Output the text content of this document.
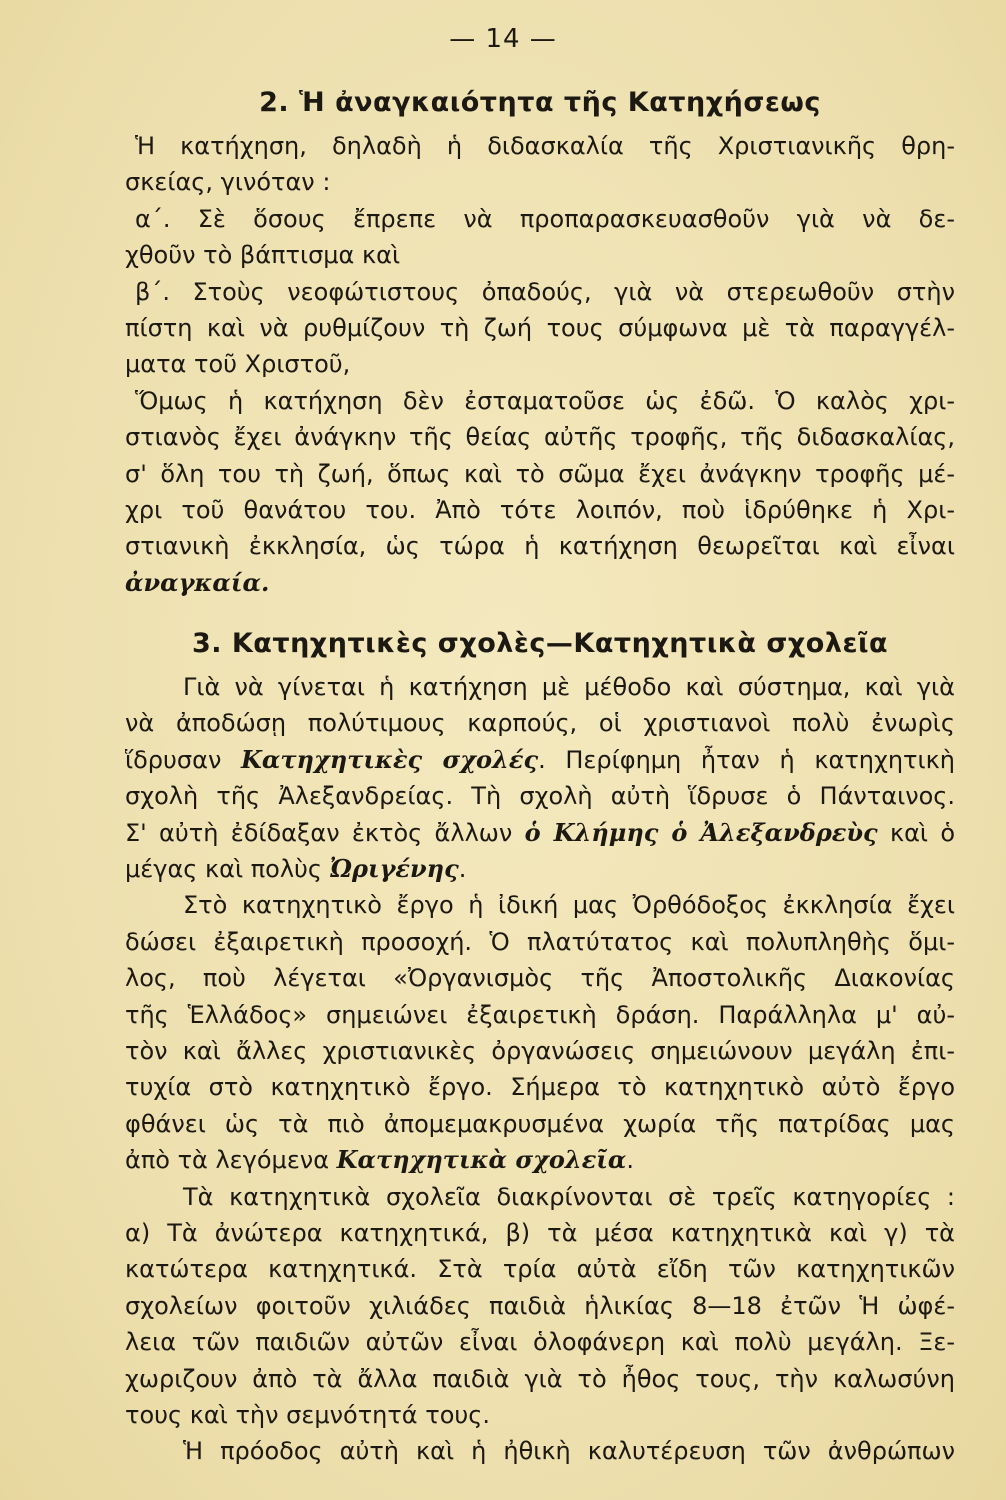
— 14 —
2. Ἡ ἀναγκαιότητα τῆς Κατηχήσεως
Ἡ κατήχηση, δηλαδὴ ἡ διδασκαλία τῆς Χριστιανικῆς θρη-
σκείας, γινόταν :
α΄. Σὲ ὅσους ἔπρεπε νὰ προπαρασκευασθοῦν γιὰ νὰ δε-
χθοῦν τὸ βάπτισμα καὶ
β΄. Στοὺς νεοφώτιστους ὀπαδούς, γιὰ νὰ στερεωθοῦν στὴν
πίστη καὶ νὰ ρυθμίζουν τὴ ζωή τους σύμφωνα μὲ τὰ παραγγέλ-
ματα τοῦ Χριστοῦ,
Ὅμως ἡ κατήχηση δὲν ἐσταματοῦσε ὡς ἐδῶ. Ὁ καλὸς χρι-
στιανὸς ἔχει ἀνάγκην τῆς θείας αὐτῆς τροφῆς, τῆς διδασκαλίας,
σ' ὅλη του τὴ ζωή, ὅπως καὶ τὸ σῶμα ἔχει ἀνάγκην τροφῆς μέ-
χρι τοῦ θανάτου του. Ἀπὸ τότε λοιπόν, ποὺ ἱδρύθηκε ἡ Χρι-
στιανικὴ ἐκκλησία, ὡς τώρα ἡ κατήχηση θεωρεῖται καὶ εἶναι
ἀναγκαία.
3. Κατηχητικὲς σχολὲς—Κατηχητικὰ σχολεῖα
Γιὰ νὰ γίνεται ἡ κατήχηση μὲ μέθοδο καὶ σύστημα, καὶ γιὰ
νὰ ἀποδώσῃ πολύτιμους καρπούς, οἱ χριστιανοὶ πολὺ ἐνωρὶς
ἵδρυσαν Κατηχητικὲς σχολές. Περίφημη ἦταν ἡ κατηχητικὴ
σχολὴ τῆς Ἀλεξανδρείας. Τὴ σχολὴ αὐτὴ ἵδρυσε ὁ Πάνταινος.
Σ' αὐτὴ ἐδίδαξαν ἐκτὸς ἄλλων ὁ Κλήμης ὁ Ἀλεξανδρεὺς καὶ ὁ
μέγας καὶ πολὺς Ὠριγένης.
Στὸ κατηχητικὸ ἔργο ἡ ἰδική μας Ὀρθόδοξος ἐκκλησία ἔχει
δώσει ἐξαιρετικὴ προσοχή. Ὁ πλατύτατος καὶ πολυπληθὴς ὅμι-
λος, ποὺ λέγεται «Ὀργανισμὸς τῆς Ἀποστολικῆς Διακονίας
τῆς Ἑλλάδος» σημειώνει ἐξαιρετικὴ δράση. Παράλληλα μ' αὐ-
τὸν καὶ ἄλλες χριστιανικὲς ὀργανώσεις σημειώνουν μεγάλη ἐπι-
τυχία στὸ κατηχητικὸ ἔργο. Σήμερα τὸ κατηχητικὸ αὐτὸ ἔργο
φθάνει ὡς τὰ πιὸ ἀπομεμακρυσμένα χωρία τῆς πατρίδας μας
ἀπὸ τὰ λεγόμενα Κατηχητικὰ σχολεῖα.
Τὰ κατηχητικὰ σχολεῖα διακρίνονται σὲ τρεῖς κατηγορίες :
α) Τὰ ἀνώτερα κατηχητικά, β) τὰ μέσα κατηχητικὰ καὶ γ) τὰ
κατώτερα κατηχητικά. Στὰ τρία αὐτὰ εἴδη τῶν κατηχητικῶν
σχολείων φοιτοῦν χιλιάδες παιδιὰ ἡλικίας 8—18 ἐτῶν Ἡ ὠφέ-
λεια τῶν παιδιῶν αὐτῶν εἶναι ὁλοφάνερη καὶ πολὺ μεγάλη. Ξε-
χωριζουν ἀπὸ τὰ ἄλλα παιδιὰ γιὰ τὸ ἦθος τους, τὴν καλωσύνη
τους καὶ τὴν σεμνότητά τους.
Ἡ πρόοδος αὐτὴ καὶ ἡ ἠθικὴ καλυτέρευση τῶν ἀνθρώπων
